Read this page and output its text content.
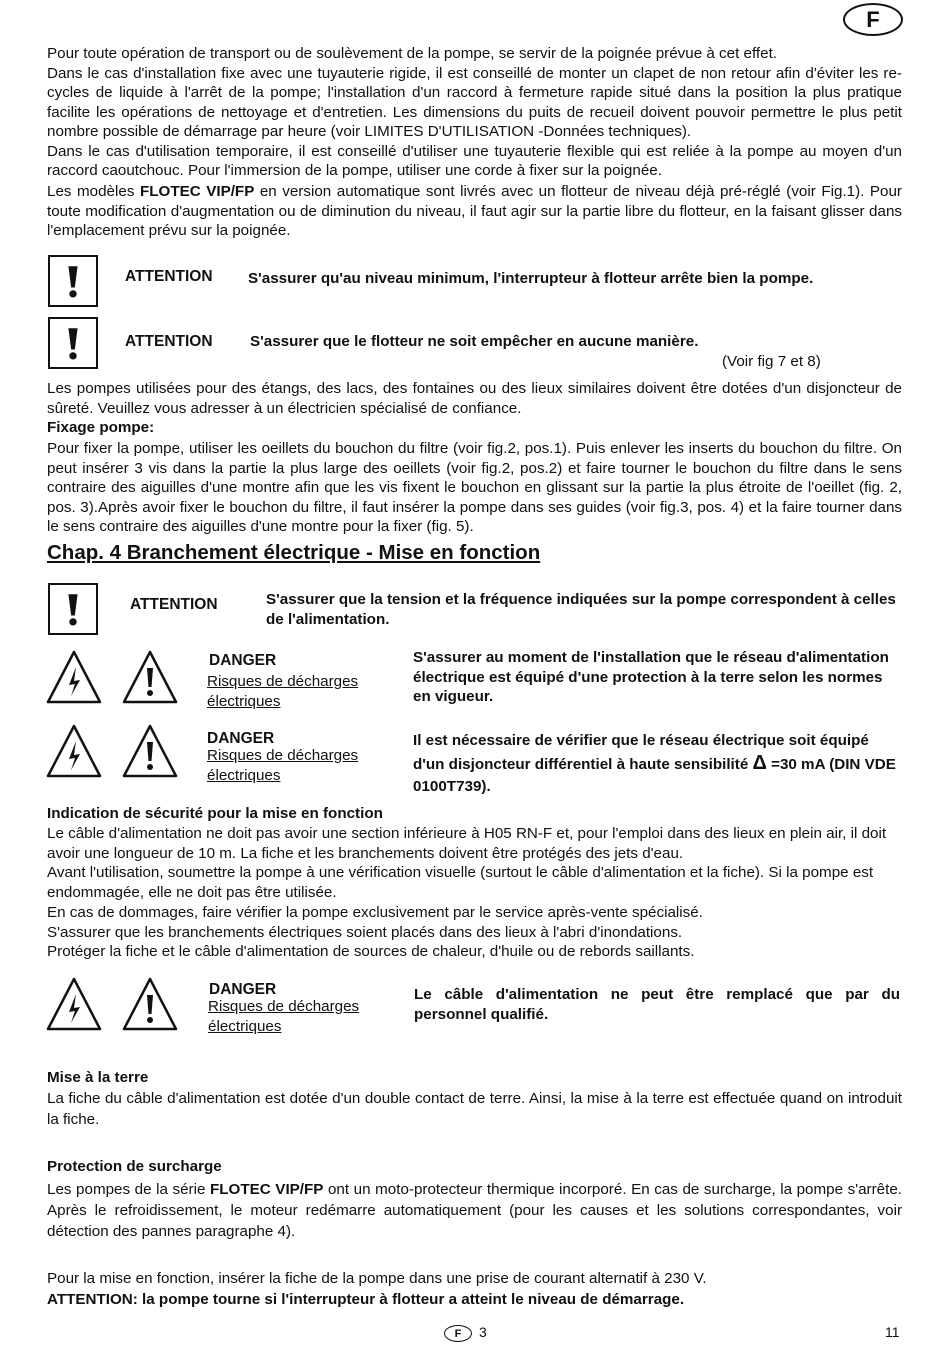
F

Pour toute opération de transport ou de soulèvement de la pompe, se servir de la poignée prévue à cet effet.

Dans le cas d'installation fixe avec une tuyauterie rigide, il est conseillé de monter un clapet de non retour afin d'éviter les re-cycles de liquide à l'arrêt de la pompe; l'installation d'un raccord à fermeture rapide situé dans la position la plus pratique facilite les opérations de nettoyage et d'entretien. Les dimensions du puits de recueil doivent pouvoir permettre le plus petit nombre possible de démarrage par heure (voir LIMITES D'UTILISATION -Données techniques).

Dans le cas d'utilisation temporaire, il est conseillé d'utiliser une tuyauterie flexible qui est reliée à la pompe au moyen d'un raccord caoutchouc. Pour l'immersion de la pompe, utiliser une corde à fixer sur la poignée.

Les modèles FLOTEC VIP/FP en version automatique sont livrés avec un flotteur de niveau déjà pré-réglé (voir Fig.1). Pour toute modification d'augmentation ou de diminution du niveau, il faut agir sur la partie libre du flotteur, en la faisant glisser dans l'emplacement prévu sur la poignée.

ATTENTION S'assurer qu'au niveau minimum, l'interrupteur à flotteur arrête bien la pompe.
ATTENTION S'assurer que le flotteur ne soit empêcher en aucune manière.
(Voir fig 7 et 8)

Les pompes utilisées pour des étangs, des lacs, des fontaines ou des lieux similaires doivent être dotées d'un disjoncteur de sûreté. Veuillez vous adresser à un électricien spécialisé de confiance.

Fixage pompe:

Pour fixer la pompe, utiliser les oeillets du bouchon du filtre (voir fig.2, pos.1). Puis enlever les inserts du bouchon du filtre. On peut insérer 3 vis dans la partie la plus large des oeillets (voir fig.2, pos.2) et faire tourner le bouchon du filtre dans le sens contraire des aiguilles d'une montre afin que les vis fixent le bouchon en glissant sur la partie la plus étroite de l'oeillet (fig. 2, pos. 3).Après avoir fixer le bouchon du filtre, il faut insérer la pompe dans ses guides (voir fig.3, pos. 4) et la faire tourner dans le sens contraire des aiguilles d'une montre pour la fixer (fig. 5).

Chap. 4 Branchement électrique - Mise en fonction
ATTENTION	S'assurer que la tension et la fréquence indiquées sur la pompe correspondent à celles de l'alimentation.

DANGER
Risques de décharges électriques

S'assurer au moment de l'installation que le réseau d'alimentation électrique est équipé d'une protection à la terre selon les normes en vigueur.

DANGER
Risques de décharges électriques

Il est nécessaire de vérifier que le réseau électrique soit équipé d'un disjoncteur différentiel à haute sensibilité Δ =30 mA (DIN VDE 0100T739).

Indication de sécurité pour la mise en fonction

Le câble d'alimentation ne doit pas avoir une section inférieure à H05 RN-F et, pour l'emploi dans des lieux en plein air, il doit avoir une longueur de 10 m. La fiche et les branchements doivent être protégés des jets d'eau.

Avant l'utilisation, soumettre la pompe à une vérification visuelle (surtout le câble d'alimentation et la fiche). Si la pompe est endommagée, elle ne doit pas être utilisée.

En cas de dommages, faire vérifier la pompe exclusivement par le service après-vente spécialisé.

S'assurer que les branchements électriques soient placés dans des lieux à l'abri d'inondations.

Protéger la fiche et le câble d'alimentation de sources de chaleur, d'huile ou de rebords saillants.

DANGER
Risques de décharges électriques

Le câble d'alimentation ne peut être remplacé que par du personnel qualifié.

Mise à la terre

La fiche du câble d'alimentation est dotée d'un double contact de terre. Ainsi, la mise à la terre est effectuée quand on introduit la fiche.

Protection de surcharge

Les pompes de la série FLOTEC VIP/FP ont un moto-protecteur thermique incorporé. En cas de surcharge, la pompe s'arrête. Après le refroidissement, le moteur redémarre automatiquement (pour les causes et les solutions correspondantes, voir détection des pannes paragraphe 4).

Pour la mise en fonction, insérer la fiche de la pompe dans une prise de courant alternatif à 230 V.

ATTENTION: la pompe tourne si l'interrupteur à flotteur a atteint le niveau de démarrage.

F	3	11
